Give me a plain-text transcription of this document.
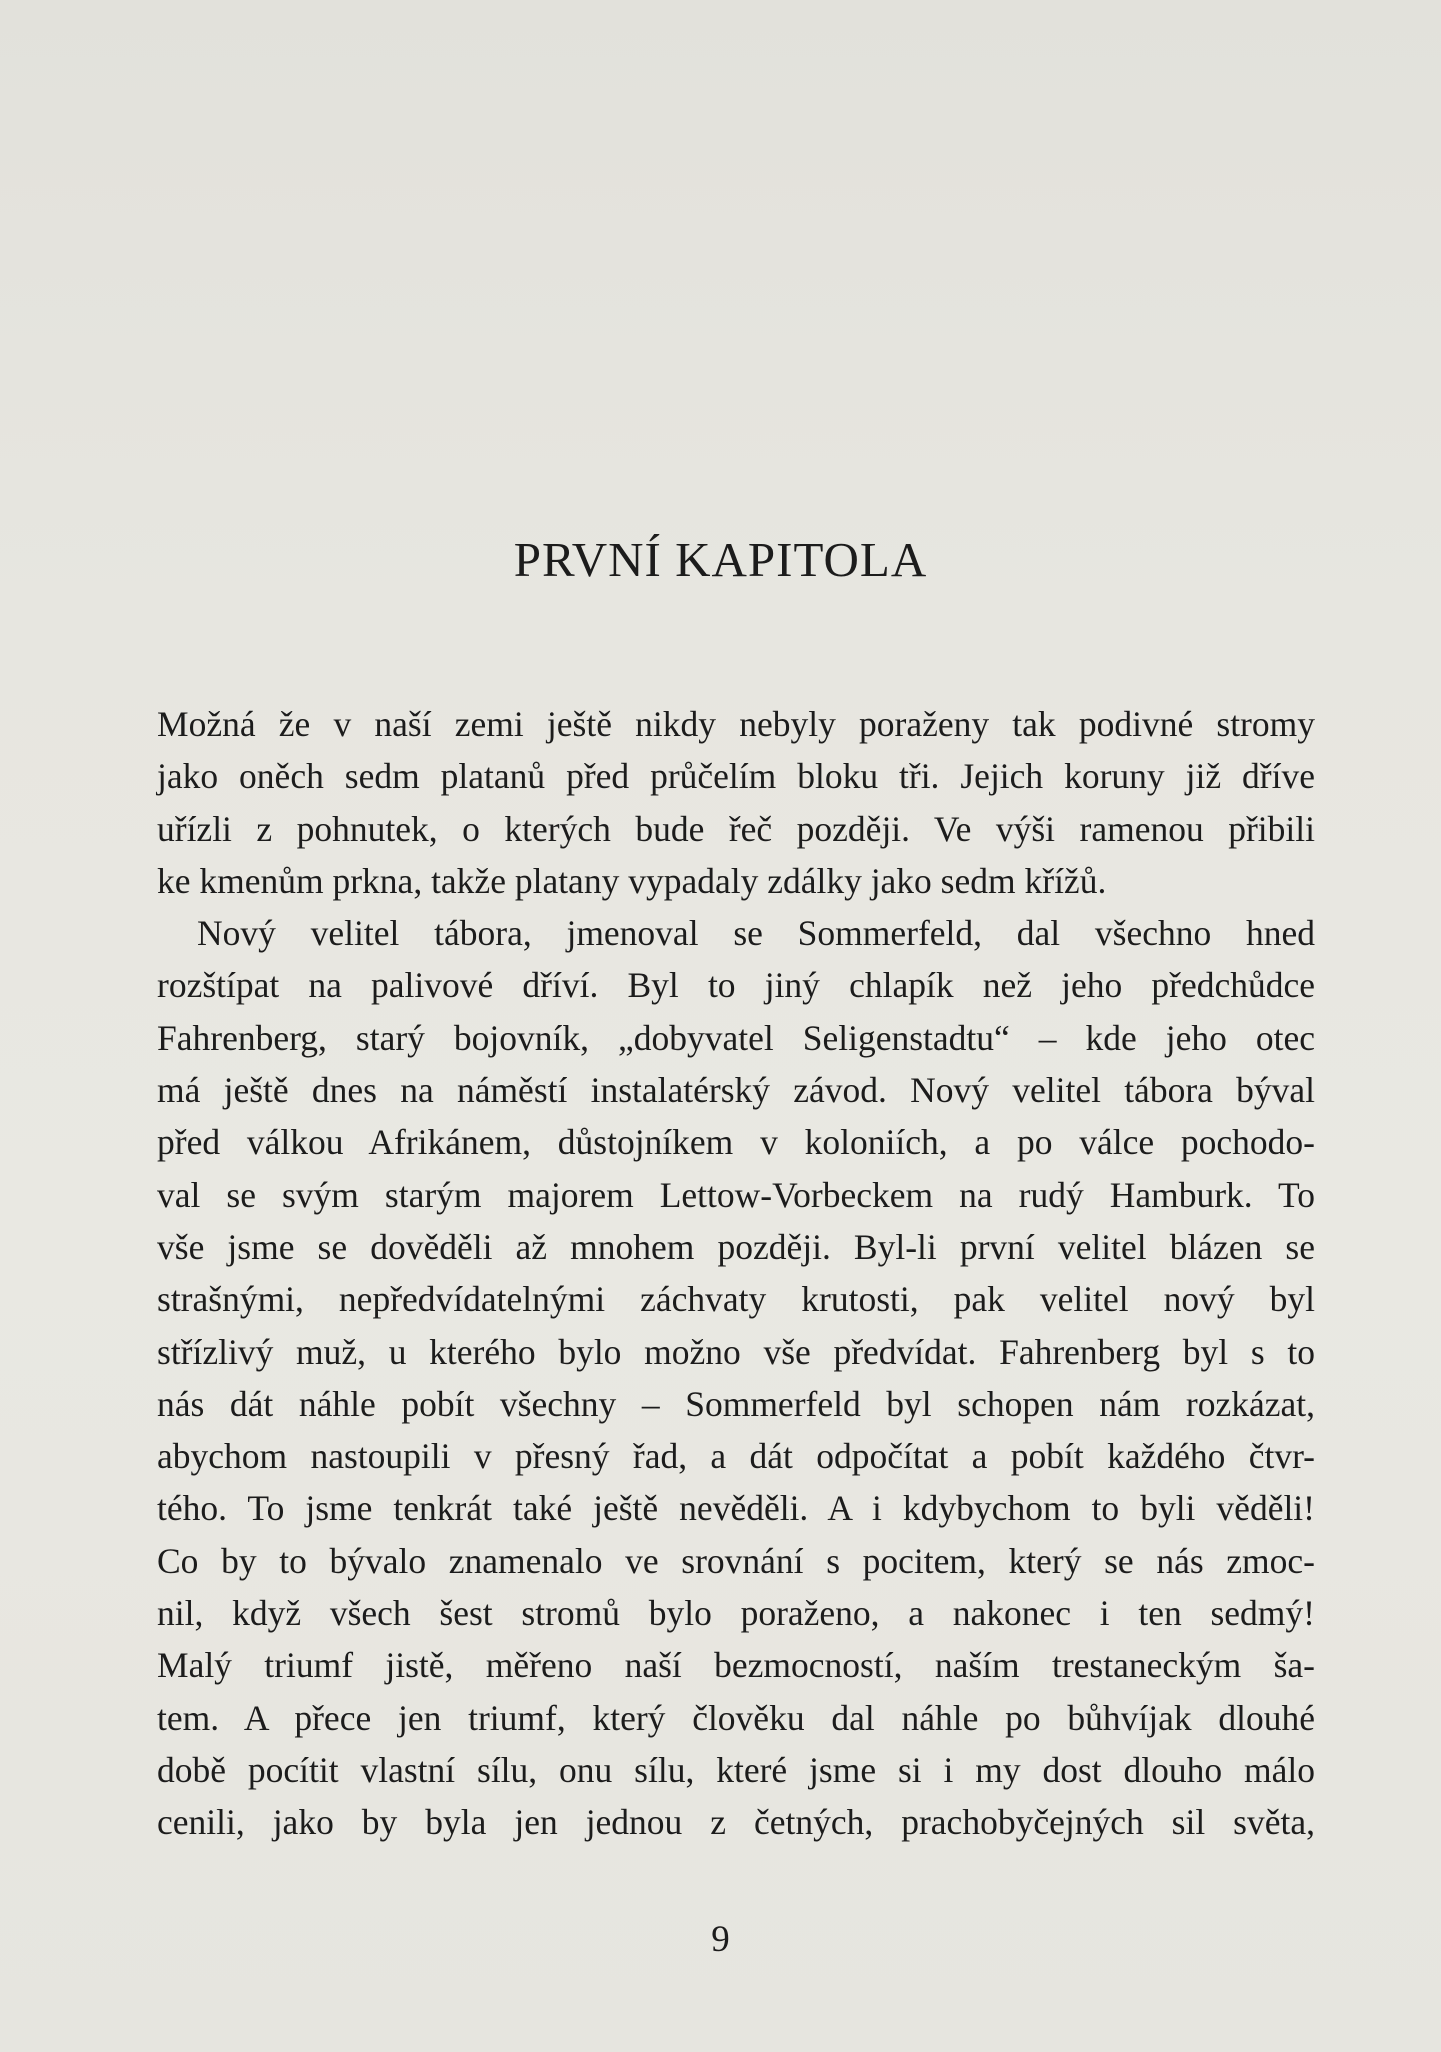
PRVNÍ KAPITOLA
Možná že v naší zemi ještě nikdy nebyly poraženy tak podivné stromy
jako oněch sedm platanů před průčelím bloku tři. Jejich koruny již dříve
uřízli z pohnutek, o kterých bude řeč později. Ve výši ramenou přibili
ke kmenům prkna, takže platany vypadaly zdálky jako sedm křížů.
Nový velitel tábora, jmenoval se Sommerfeld, dal všechno hned
rozštípat na palivové dříví. Byl to jiný chlapík než jeho předchůdce
Fahrenberg, starý bojovník, „dobyvatel Seligenstadtu“ – kde jeho otec
má ještě dnes na náměstí instalatérský závod. Nový velitel tábora býval
před válkou Afrikánem, důstojníkem v koloniích, a po válce pochodo-
val se svým starým majorem Lettow-Vorbeckem na rudý Hamburk. To
vše jsme se dověděli až mnohem později. Byl-li první velitel blázen se
strašnými, nepředvídatelnými záchvaty krutosti, pak velitel nový byl
střízlivý muž, u kterého bylo možno vše předvídat. Fahrenberg byl s to
nás dát náhle pobít všechny – Sommerfeld byl schopen nám rozkázat,
abychom nastoupili v přesný řad, a dát odpočítat a pobít každého čtvr-
tého. To jsme tenkrát také ještě nevěděli. A i kdybychom to byli věděli!
Co by to bývalo znamenalo ve srovnání s pocitem, který se nás zmoc-
nil, když všech šest stromů bylo poraženo, a nakonec i ten sedmý!
Malý triumf jistě, měřeno naší bezmocností, naším trestaneckým ša-
tem. A přece jen triumf, který člověku dal náhle po bůhvíjak dlouhé
době pocítit vlastní sílu, onu sílu, které jsme si i my dost dlouho málo
cenili, jako by byla jen jednou z četných, prachobyčejných sil světa,
9
